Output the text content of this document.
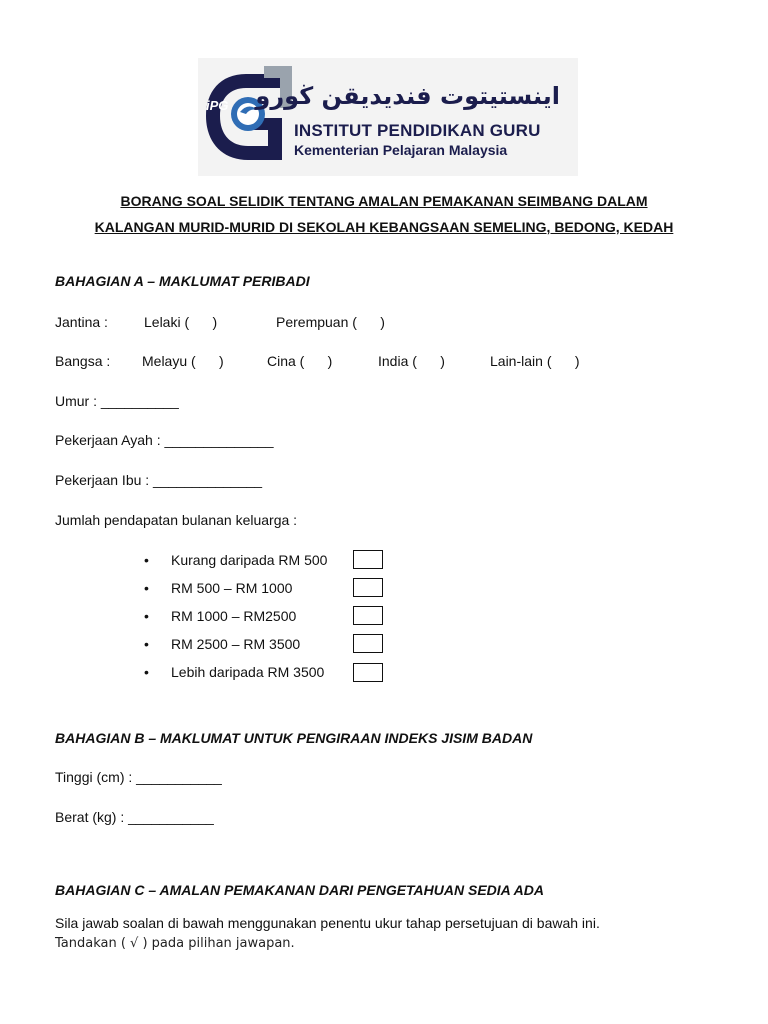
iPG اينستيتوت فنديديقن ڬورو
INSTITUT PENDIDIKAN GURU
Kementerian Pelajaran Malaysia
BORANG SOAL SELIDIK TENTANG AMALAN PEMAKANAN SEIMBANG DALAM
KALANGAN MURID-MURID DI SEKOLAH KEBANGSAAN SEMELING, BEDONG, KEDAH
BAHAGIAN A – MAKLUMAT PERIBADI
Jantina :	Lelaki (      )	Perempuan (      )
Bangsa : Melayu (      )	Cina (      )	India (      )	Lain-lain (      )
Umur : __________
Pekerjaan Ayah : ______________
Pekerjaan Ibu : ______________
Jumlah pendapatan bulanan keluarga :
• Kurang daripada RM 500
• RM 500 – RM 1000
• RM 1000 – RM2500
• RM 2500 – RM 3500
• Lebih daripada RM 3500
BAHAGIAN B – MAKLUMAT UNTUK PENGIRAAN INDEKS JISIM BADAN
Tinggi (cm) : ___________
Berat (kg) : ___________
BAHAGIAN C – AMALAN PEMAKANAN DARI PENGETAHUAN SEDIA ADA
Sila jawab soalan di bawah menggunakan penentu ukur tahap persetujuan di bawah ini.
Tandakan ( √ ) pada pilihan jawapan.
